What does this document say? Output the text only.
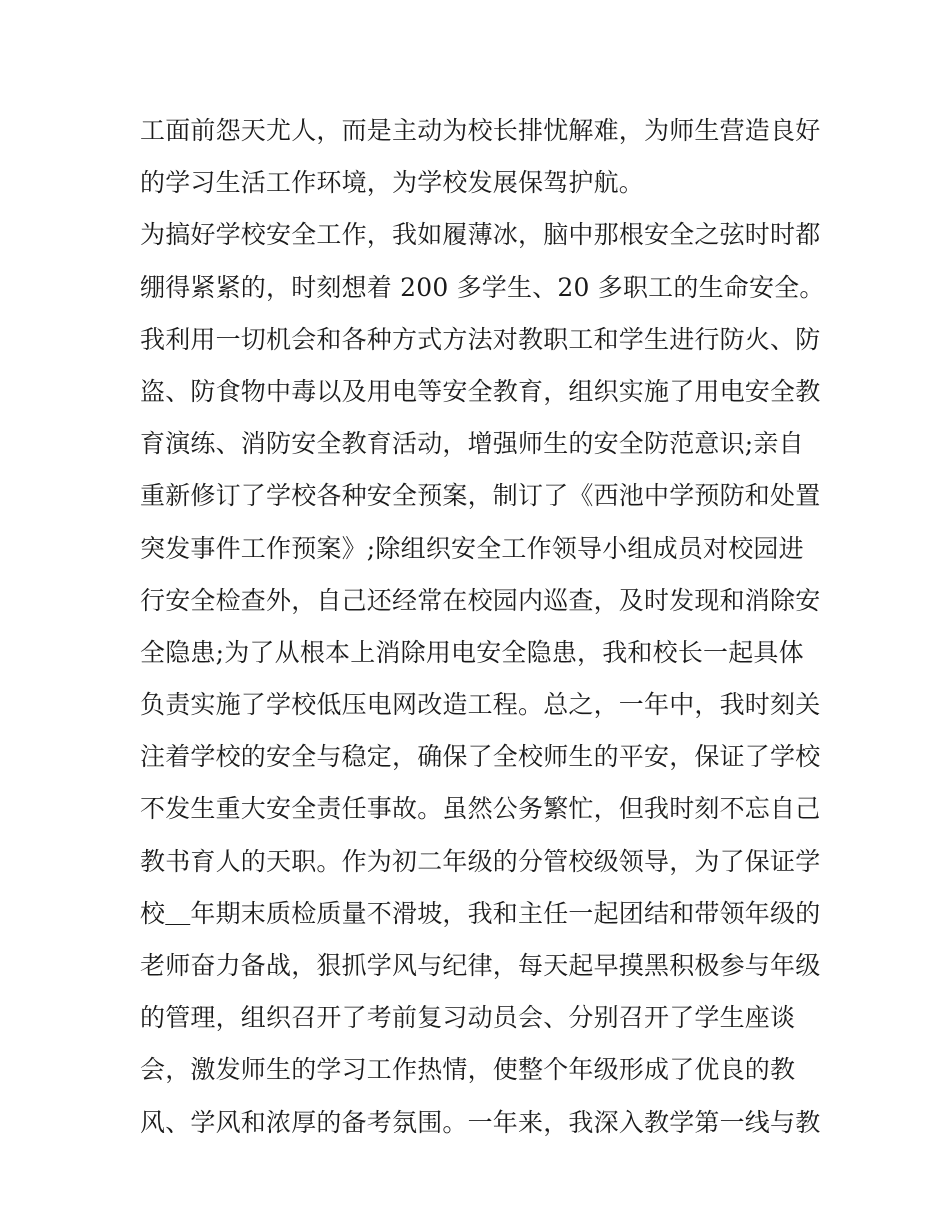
工面前怨天尤人，而是主动为校长排忧解难，为师生营造良好
的学习生活工作环境，为学校发展保驾护航。
为搞好学校安全工作，我如履薄冰，脑中那根安全之弦时时都
绷得紧紧的，时刻想着 200 多学生、20 多职工的生命安全。
我利用一切机会和各种方式方法对教职工和学生进行防火、防
盗、防食物中毒以及用电等安全教育，组织实施了用电安全教
育演练、消防安全教育活动，增强师生的安全防范意识;亲自
重新修订了学校各种安全预案，制订了《西池中学预防和处置
突发事件工作预案》;除组织安全工作领导小组成员对校园进
行安全检查外，自己还经常在校园内巡查，及时发现和消除安
全隐患;为了从根本上消除用电安全隐患，我和校长一起具体
负责实施了学校低压电网改造工程。总之，一年中，我时刻关
注着学校的安全与稳定，确保了全校师生的平安，保证了学校
不发生重大安全责任事故。虽然公务繁忙，但我时刻不忘自己
教书育人的天职。作为初二年级的分管校级领导，为了保证学
校＿年期末质检质量不滑坡，我和主任一起团结和带领年级的
老师奋力备战，狠抓学风与纪律，每天起早摸黑积极参与年级
的管理，组织召开了考前复习动员会、分别召开了学生座谈
会，激发师生的学习工作热情，使整个年级形成了优良的教
风、学风和浓厚的备考氛围。一年来，我深入教学第一线与教
